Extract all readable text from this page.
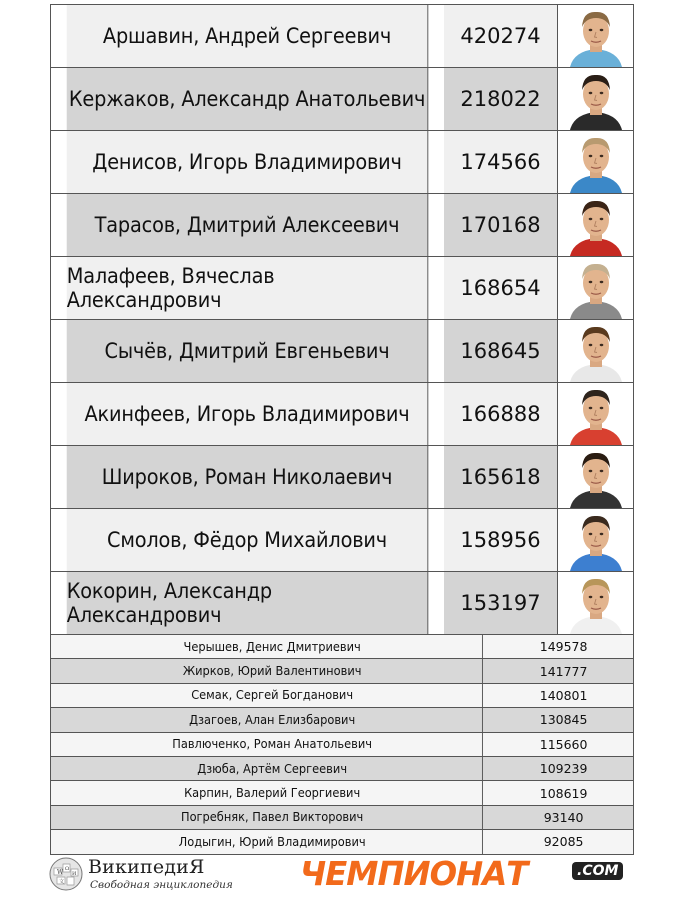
Аршавин, Андрей Сергеевич	420274
Кержаков, Александр Анатольевич	218022
Денисов, Игорь Владимирович	174566
Тарасов, Дмитрий Алексеевич	170168
Малафеев, Вячеслав Александрович	168654
Сычёв, Дмитрий Евгеньевич	168645
Акинфеев, Игорь Владимирович	166888
Широков, Роман Николаевич	165618
Смолов, Фёдор Михайлович	158956
Кокорин, Александр Александрович	153197
Черышев, Денис Дмитриевич	149578
Жирков, Юрий Валентинович	141777
Семак, Сергей Богданович	140801
Дзагоев, Алан Елизбарович	130845
Павлюченко, Роман Анатольевич	115660
Дзюба, Артём Сергеевич	109239
Карпин, Валерий Георгиевич	108619
Погребняк, Павел Викторович	93140
Лодыгин, Юрий Владимирович	92085
W Ω
И
文
ВикипедиЯ
Свободная энциклопедия ЧЕМПИОНАТ	.COM
